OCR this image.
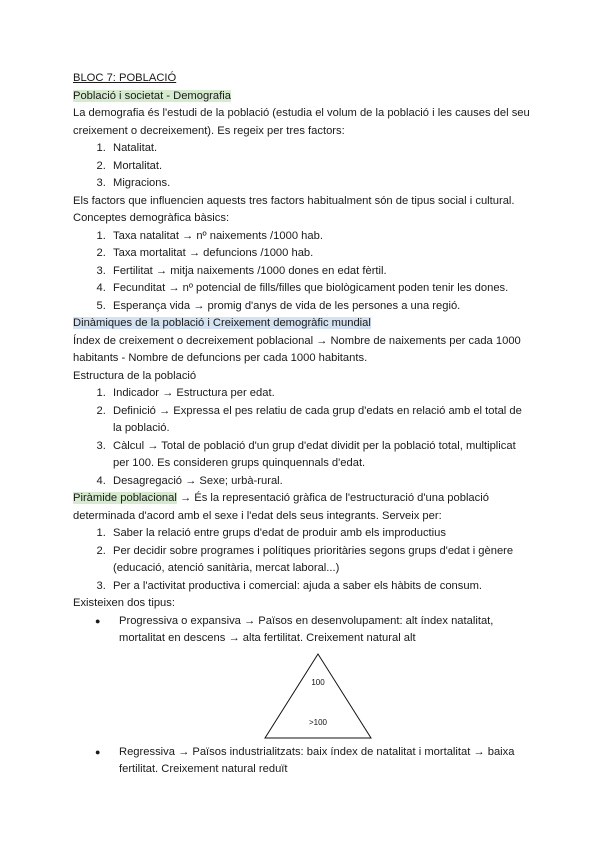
BLOC 7: POBLACIÓ

Població i societat - Demografia

La demografia és l'estudi de la població (estudia el volum de la població i les causes del seu creixement o decreixement). Es regeix per tres factors:

1. Natalitat.
2. Mortalitat.
3. Migracions.

Els factors que influencien aquests tres factors habitualment són de tipus social i cultural.

Conceptes demogràfica bàsics:

1. Taxa natalitat → nº naixements /1000 hab.
2. Taxa mortalitat → defuncions /1000 hab.
3. Fertilitat → mitja naixements /1000 dones en edat fèrtil.
4. Fecunditat → nº potencial de fills/filles que biològicament poden tenir les dones.
5. Esperança vida → promig d'anys de vida de les persones a una regió.

Dinàmiques de la població i Creixement demogràfic mundial

Índex de creixement o decreixement poblacional → Nombre de naixements per cada 1000 habitants - Nombre de defuncions per cada 1000 habitants.

Estructura de la població

1. Indicador → Estructura per edat.
2. Definició → Expressa el pes relatiu de cada grup d'edats en relació amb el total de la població.
3. Càlcul → Total de població d'un grup d'edat dividit per la població total, multiplicat per 100. Es consideren grups quinquennals d'edat.
4. Desagregació → Sexe; urbà-rural.

Piràmide poblacional → És la representació gràfica de l'estructuració d'una població determinada d'acord amb el sexe i l'edat dels seus integrants. Serveix per:

1. Saber la relació entre grups d'edat de produir amb els improductius
2. Per decidir sobre programes i polítiques prioritàries segons grups d'edat i gènere (educació, atenció sanitària, mercat laboral...)
3. Per a l'activitat productiva i comercial: ajuda a saber els hàbits de consum.

Existeixen dos tipus:

● Progressiva o expansiva → Països en desenvolupament: alt índex natalitat, mortalitat en descens → alta fertilitat. Creixement natural alt
100
>100
● Regressiva → Països industrialitzats: baix índex de natalitat i mortalitat → baixa fertilitat. Creixement natural reduït
